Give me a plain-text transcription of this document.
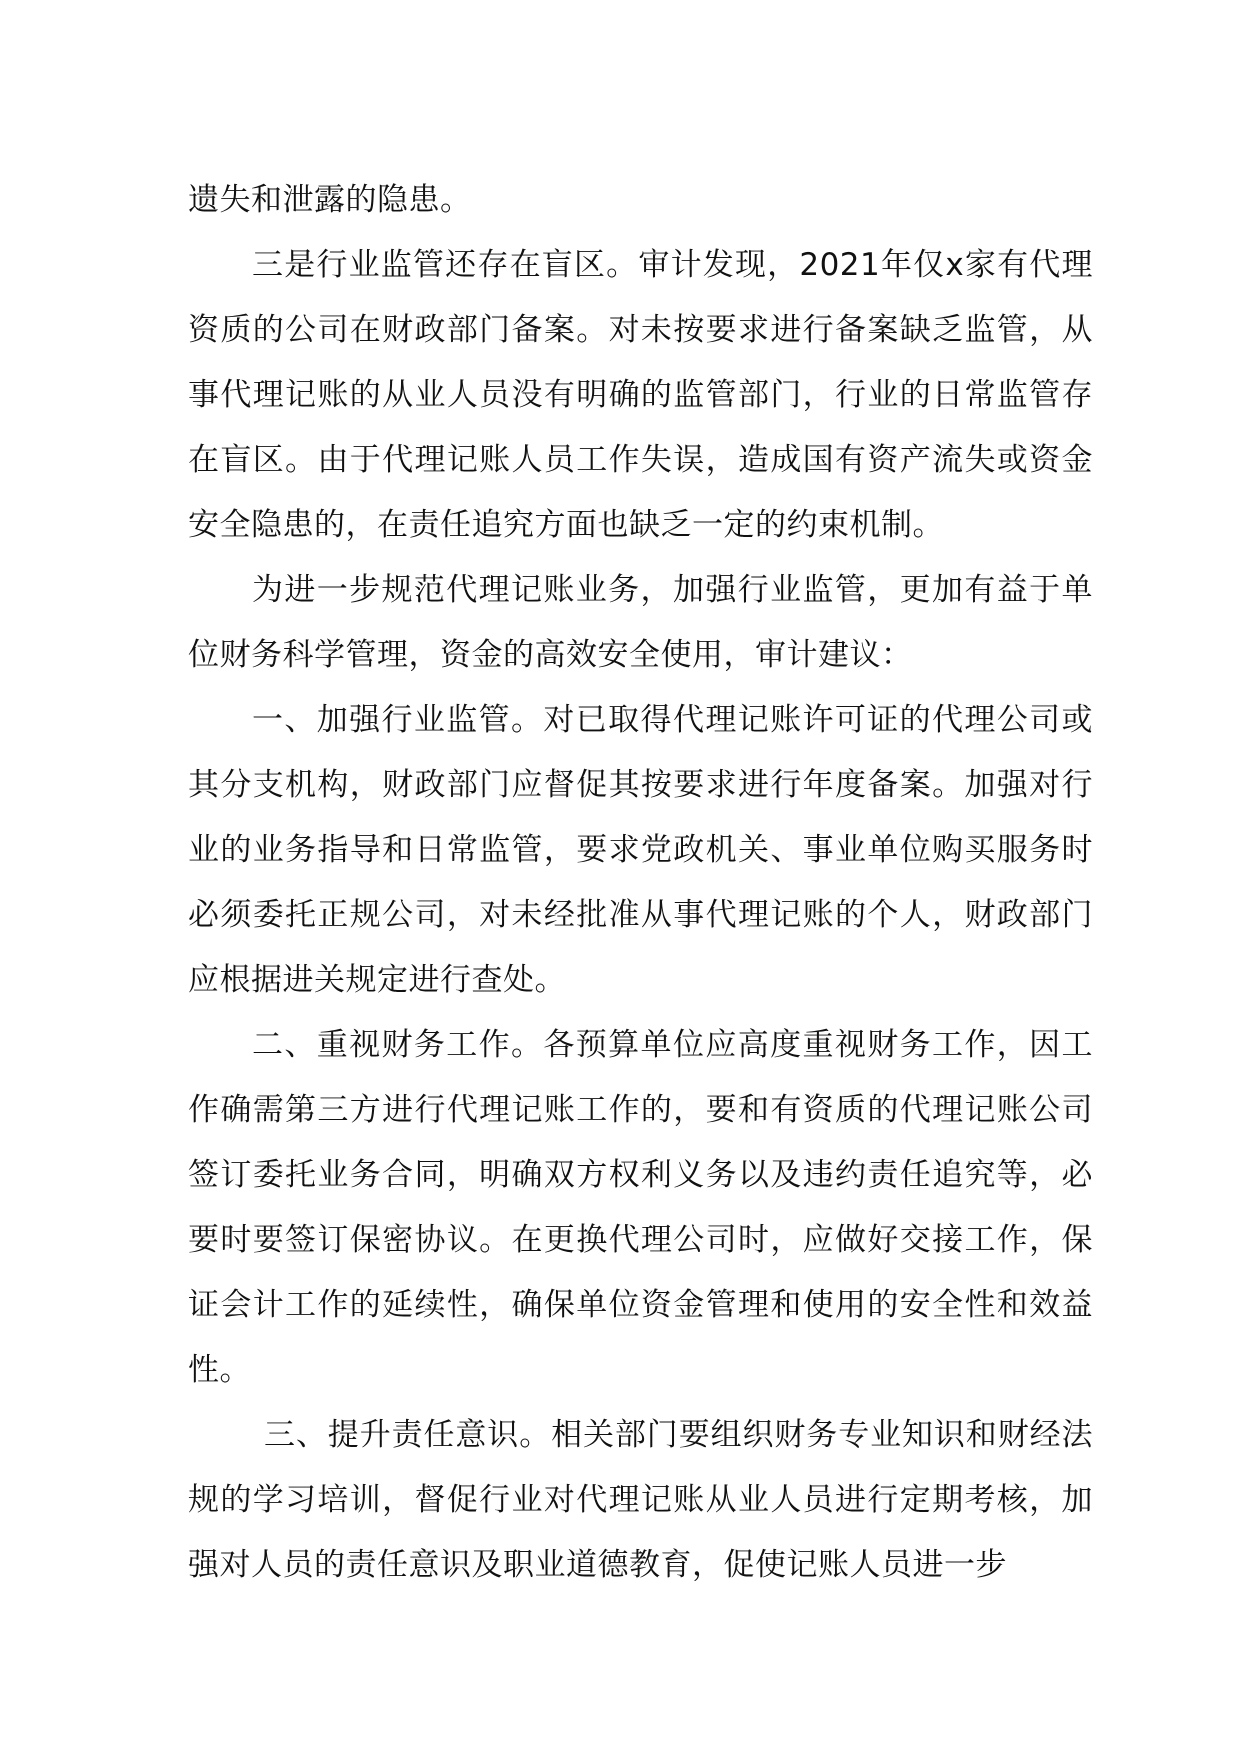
遗失和泄露的隐患。

三是行业监管还存在盲区。审计发现，2021年仅x家有代理资质的公司在财政部门备案。对未按要求进行备案缺乏监管，从事代理记账的从业人员没有明确的监管部门，行业的日常监管存在盲区。由于代理记账人员工作失误，造成国有资产流失或资金安全隐患的，在责任追究方面也缺乏一定的约束机制。

为进一步规范代理记账业务，加强行业监管，更加有益于单位财务科学管理，资金的高效安全使用，审计建议：

一、加强行业监管。对已取得代理记账许可证的代理公司或其分支机构，财政部门应督促其按要求进行年度备案。加强对行业的业务指导和日常监管，要求党政机关、事业单位购买服务时必须委托正规公司，对未经批准从事代理记账的个人，财政部门应根据进关规定进行查处。

二、重视财务工作。各预算单位应高度重视财务工作，因工作确需第三方进行代理记账工作的，要和有资质的代理记账公司签订委托业务合同，明确双方权利义务以及违约责任追究等，必要时要签订保密协议。在更换代理公司时，应做好交接工作，保证会计工作的延续性，确保单位资金管理和使用的安全性和效益性。

三、提升责任意识。相关部门要组织财务专业知识和财经法规的学习培训，督促行业对代理记账从业人员进行定期考核，加强对人员的责任意识及职业道德教育，促使记账人员进一步
